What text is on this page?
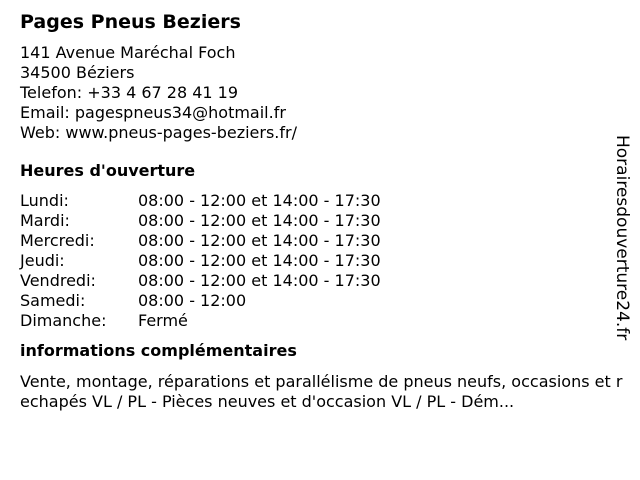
Pages Pneus Beziers
141 Avenue Maréchal Foch
34500 Béziers
Telefon: +33 4 67 28 41 19
Email: pagespneus34@hotmail.fr
Web: www.pneus-pages-beziers.fr/
Heures d'ouverture
Lundi:	08:00 - 12:00 et 14:00 - 17:30
Mardi:	08:00 - 12:00 et 14:00 - 17:30
Mercredi:	08:00 - 12:00 et 14:00 - 17:30
Jeudi:	08:00 - 12:00 et 14:00 - 17:30
Vendredi:	08:00 - 12:00 et 14:00 - 17:30
Samedi:	08:00 - 12:00
Dimanche:	Fermé
informations complémentaires
Vente, montage, réparations et parallélisme de pneus neufs, occasions et rechapés VL / PL - Pièces neuves et d'occasion VL / PL - Dém...
Horairesdouverture24.fr
